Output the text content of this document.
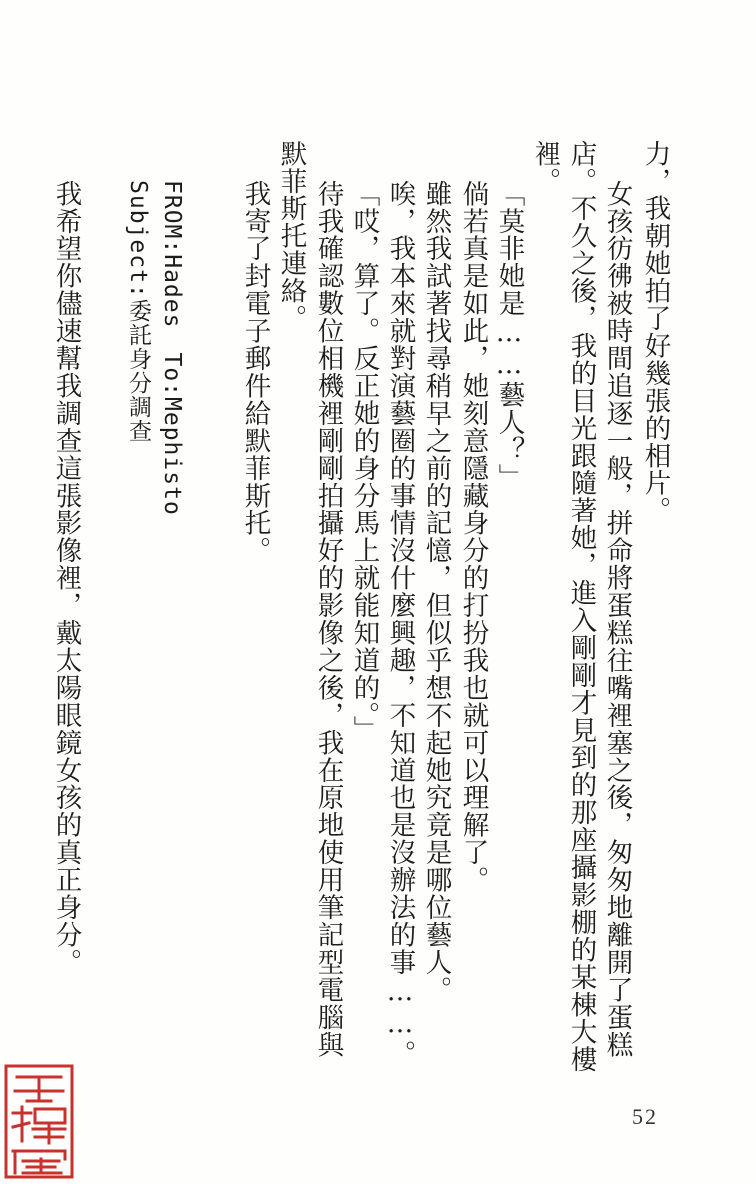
力，我朝她拍了好幾張的相片。
女孩彷彿被時間追逐一般，拼命將蛋糕往嘴裡塞之後，匆匆地離開了蛋糕
店。不久之後，我的目光跟隨著她，進入剛剛才見到的那座攝影棚的某棟大樓
裡。
「莫非她是……藝人？」
倘若真是如此，她刻意隱藏身分的打扮我也就可以理解了。
雖然我試著找尋稍早之前的記憶，但似乎想不起她究竟是哪位藝人。
唉，我本來就對演藝圈的事情沒什麼興趣，不知道也是沒辦法的事……。
「哎，算了。反正她的身分馬上就能知道的。」
待我確認數位相機裡剛剛拍攝好的影像之後，我在原地使用筆記型電腦與
默菲斯托連絡。
我寄了封電子郵件給默菲斯托。
FROM:Hades　To:Mephisto
Subject:委託身分調查
我希望你儘速幫我調查這張影像裡，戴太陽眼鏡女孩的真正身分。
52
